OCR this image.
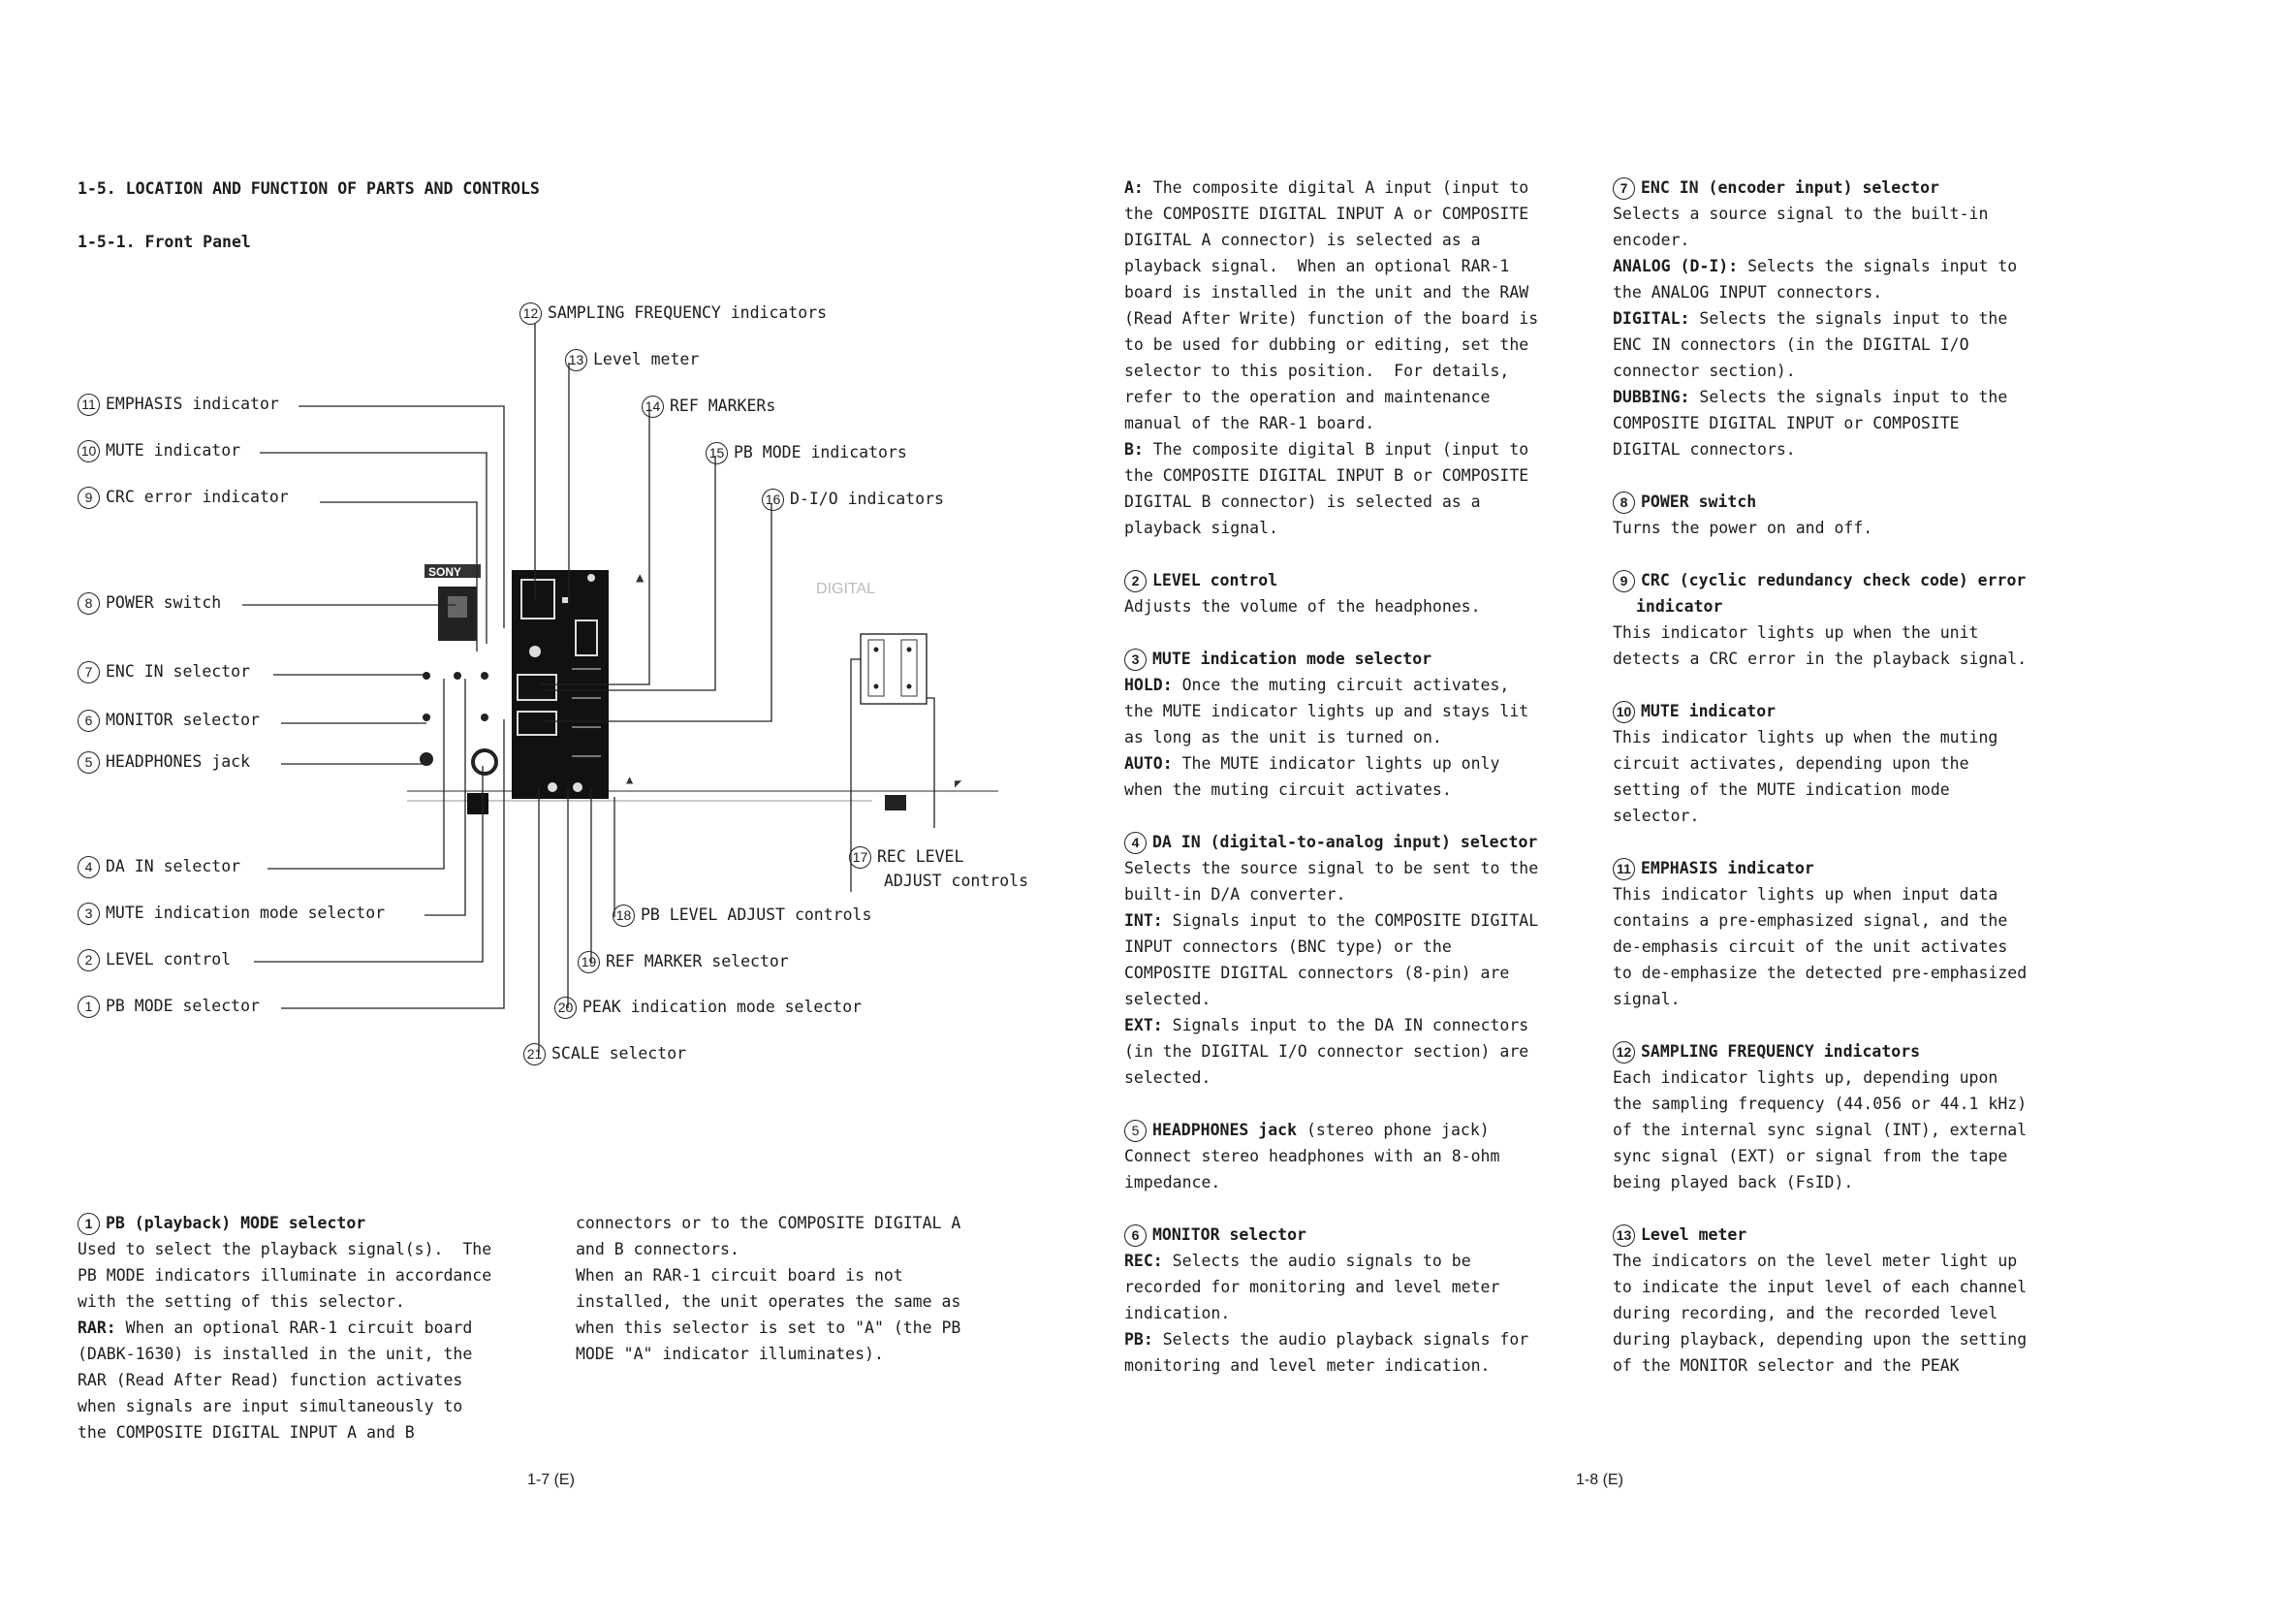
1-5. LOCATION AND FUNCTION OF PARTS AND CONTROLS
1-5-1. Front Panel
SONY
DIGITAL
▲
▲	◤
12 SAMPLING FREQUENCY indicators
13 Level meter
14 REF MARKERs
15 PB MODE indicators
16 D-I/O indicators
11 EMPHASIS indicator
10 MUTE indicator
9 CRC error indicator
8 POWER switch
7 ENC IN selector
6 MONITOR selector
5 HEADPHONES jack
4 DA IN selector
3 MUTE indication mode selector
2 LEVEL control
1 PB MODE selector
17 REC LEVEL
ADJUST controls
18 PB LEVEL ADJUST controls
19 REF MARKER selector
20 PEAK indication mode selector
21 SCALE selector
1 PB (playback) MODE selector
Used to select the playback signal(s).  The
PB MODE indicators illuminate in accordance
with the setting of this selector.
RAR: When an optional RAR-1 circuit board
(DABK-1630) is installed in the unit, the
RAR (Read After Read) function activates
when signals are input simultaneously to
the COMPOSITE DIGITAL INPUT A and B
connectors or to the COMPOSITE DIGITAL A
and B connectors.
When an RAR-1 circuit board is not
installed, the unit operates the same as
when this selector is set to "A" (the PB
MODE "A" indicator illuminates).
1-7 (E)
A: The composite digital A input (input to
the COMPOSITE DIGITAL INPUT A or COMPOSITE
DIGITAL A connector) is selected as a
playback signal.  When an optional RAR-1
board is installed in the unit and the RAW
(Read After Write) function of the board is
to be used for dubbing or editing, set the
selector to this position.  For details,
refer to the operation and maintenance
manual of the RAR-1 board.
B: The composite digital B input (input to
the COMPOSITE DIGITAL INPUT B or COMPOSITE
DIGITAL B connector) is selected as a
playback signal.
2 LEVEL control
Adjusts the volume of the headphones.
3 MUTE indication mode selector
HOLD: Once the muting circuit activates,
the MUTE indicator lights up and stays lit
as long as the unit is turned on.
AUTO: The MUTE indicator lights up only
when the muting circuit activates.
4 DA IN (digital-to-analog input) selector
Selects the source signal to be sent to the
built-in D/A converter.
INT: Signals input to the COMPOSITE DIGITAL
INPUT connectors (BNC type) or the
COMPOSITE DIGITAL connectors (8-pin) are
selected.
EXT: Signals input to the DA IN connectors
(in the DIGITAL I/O connector section) are
selected.
5 HEADPHONES jack (stereo phone jack)
Connect stereo headphones with an 8-ohm
impedance.
6 MONITOR selector
REC: Selects the audio signals to be
recorded for monitoring and level meter
indication.
PB: Selects the audio playback signals for
monitoring and level meter indication.
7 ENC IN (encoder input) selector
Selects a source signal to the built-in
encoder.
ANALOG (D-I): Selects the signals input to
the ANALOG INPUT connectors.
DIGITAL: Selects the signals input to the
ENC IN connectors (in the DIGITAL I/O
connector section).
DUBBING: Selects the signals input to the
COMPOSITE DIGITAL INPUT or COMPOSITE
DIGITAL connectors.
8 POWER switch
Turns the power on and off.
9 CRC (cyclic redundancy check code) error
indicator
This indicator lights up when the unit
detects a CRC error in the playback signal.
10 MUTE indicator
This indicator lights up when the muting
circuit activates, depending upon the
setting of the MUTE indication mode
selector.
11 EMPHASIS indicator
This indicator lights up when input data
contains a pre-emphasized signal, and the
de-emphasis circuit of the unit activates
to de-emphasize the detected pre-emphasized
signal.
12 SAMPLING FREQUENCY indicators
Each indicator lights up, depending upon
the sampling frequency (44.056 or 44.1 kHz)
of the internal sync signal (INT), external
sync signal (EXT) or signal from the tape
being played back (FsID).
13 Level meter
The indicators on the level meter light up
to indicate the input level of each channel
during recording, and the recorded level
during playback, depending upon the setting
of the MONITOR selector and the PEAK
1-8 (E)
